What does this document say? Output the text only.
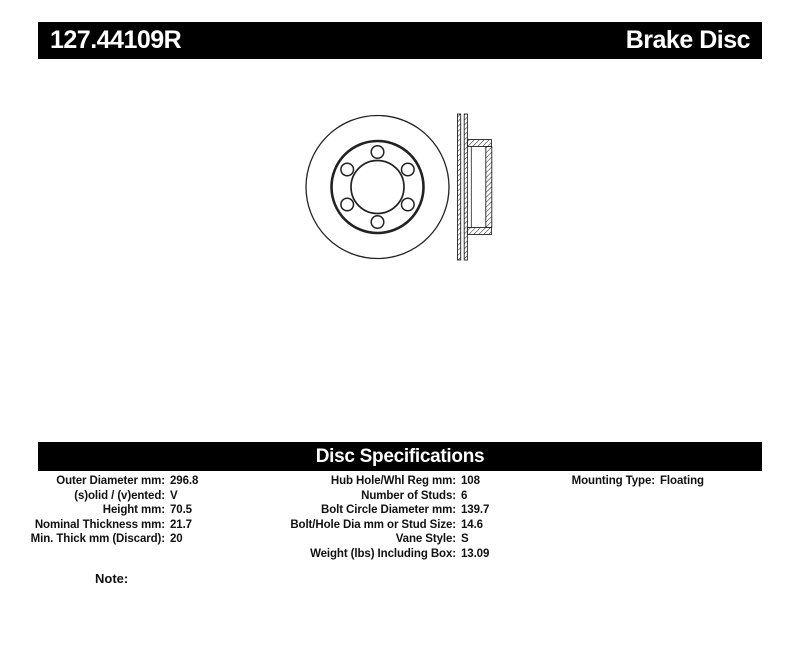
127.44109R	Brake Disc
Disc Specifications
Outer Diameter mm: 296.8
(s)olid / (v)ented: V
Height mm: 70.5
Nominal Thickness mm: 21.7
Min. Thick mm (Discard): 20
Hub Hole/Whl Reg mm: 108
Number of Studs: 6
Bolt Circle Diameter mm: 139.7
Bolt/Hole Dia mm or Stud Size: 14.6
Vane Style: S
Weight (lbs) Including Box: 13.09
Mounting Type: Floating
Note:
